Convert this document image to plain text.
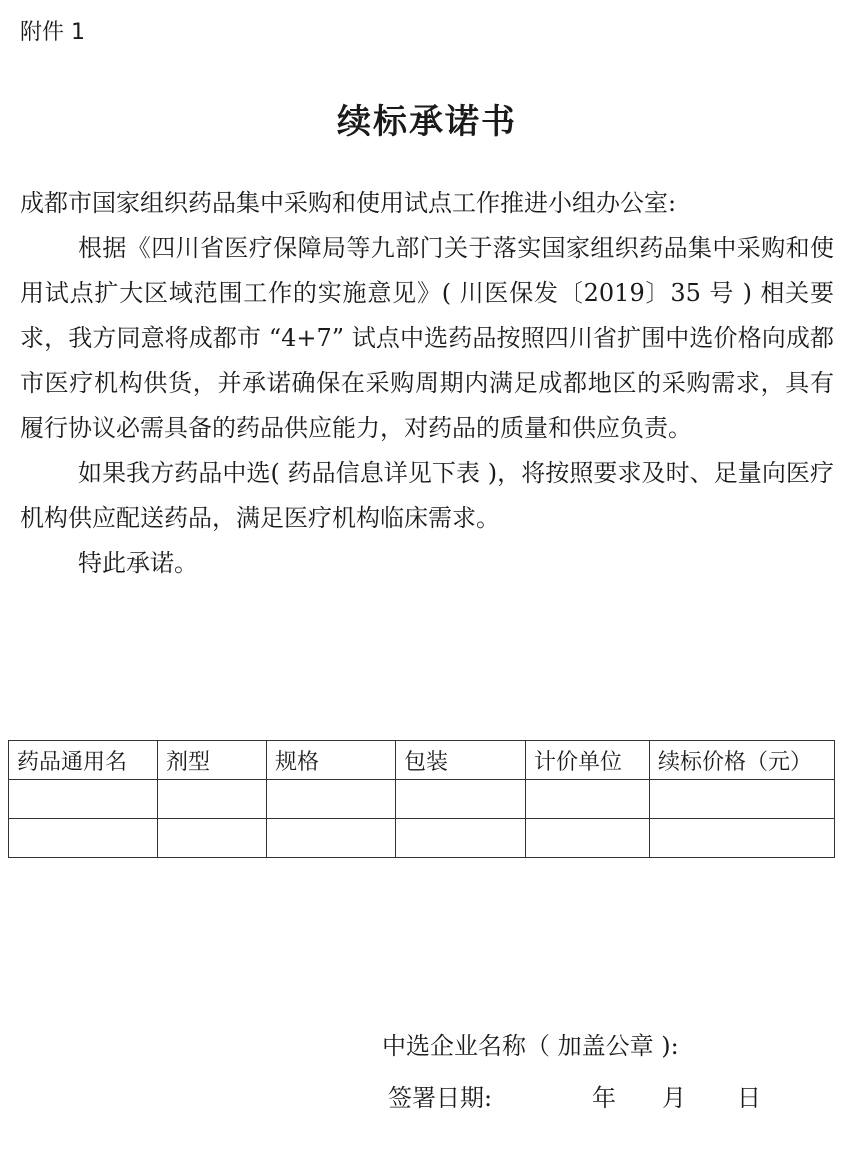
附件 1
续标承诺书

成都市国家组织药品集中采购和使用试点工作推进小组办公室:

根据《四川省医疗保障局等九部门关于落实国家组织药品集中采购和使用试点扩大区域范围工作的实施意见》( 川医保发〔2019〕35 号 ) 相关要求，我方同意将成都市 “4+7” 试点中选药品按照四川省扩围中选价格向成都市医疗机构供货，并承诺确保在采购周期内满足成都地区的采购需求，具有履行协议必需具备的药品供应能力，对药品的质量和供应负责。

如果我方药品中选( 药品信息详见下表 )，将按照要求及时、足量向医疗机构供应配送药品，满足医疗机构临床需求。

特此承诺。

药品通用名	剂型	规格	包装	计价单位	续标价格（元）

中选企业名称（ 加盖公章 ):
签署日期:	年 月 日
